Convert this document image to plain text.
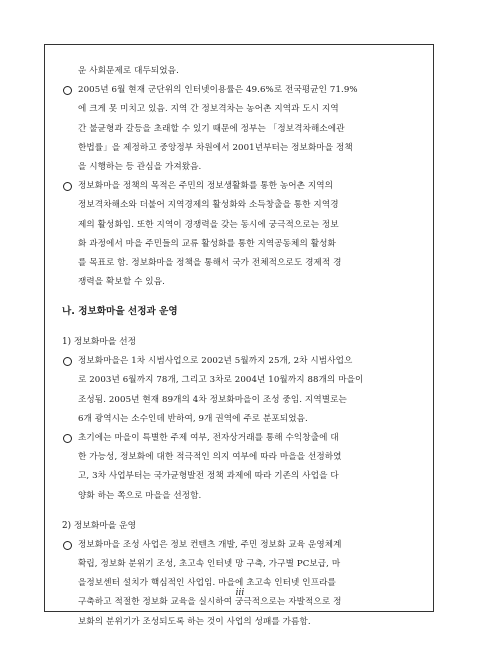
운 사회문제로 대두되었음.
2005년 6월 현재 군단위의 인터넷이용률은 49.6%로 전국평균인 71.9%
에 크게 못 미치고 있음. 지역 간 정보격차는 농어촌 지역과 도시 지역
간 불균형과 갈등을 초래할 수 있기 때문에 정부는 「정보격차해소에관
한법률」을 제정하고 중앙정부 차원에서 2001년부터는 정보화마을 정책
을 시행하는 등 관심을 가져왔음.
정보화마을 정책의 목적은 주민의 정보생활화를 통한 농어촌 지역의
정보격차해소와 더불어 지역경제의 활성화와 소득창출을 통한 지역경
제의 활성화임. 또한 지역이 경쟁력을 갖는 동시에 궁극적으로는 정보
화 과정에서 마을 주민들의 교류 활성화를 통한 지역공동체의 활성화
를 목표로 함. 정보화마을 정책을 통해서 국가 전체적으로도 경제적 경
쟁력을 확보할 수 있음.
나. 정보화마을 선정과 운영
1) 정보화마을 선정
정보화마을은 1차 시범사업으로 2002년 5월까지 25개, 2차 시범사업으
로 2003년 6월까지 78개, 그리고 3차로 2004년 10월까지 88개의 마을이
조성됨. 2005년 현재 89개의 4차 정보화마을이 조성 중임. 지역별로는
6개 광역시는 소수인데 반하여, 9개 권역에 주로 분포되었음.
초기에는 마을이 특별한 주제 여부, 전자상거래를 통해 수익창출에 대
한 가능성, 정보화에 대한 적극적인 의지 여부에 따라 마을을 선정하였
고, 3차 사업부터는 국가균형발전 정책 과제에 따라 기존의 사업을 다
양화 하는 쪽으로 마을을 선정함.
2) 정보화마을 운영
정보화마을 조성 사업은 정보 컨텐츠 개발, 주민 정보화 교육 운영체계
확립, 정보화 분위기 조성, 초고속 인터넷 망 구축, 가구별 PC보급, 마
을정보센터 설치가 핵심적인 사업임. 마을에 초고속 인터넷 인프라를
구축하고 적절한 정보화 교육을 실시하여 궁극적으로는 자발적으로 정
보화의 분위기가 조성되도록 하는 것이 사업의 성패를 가름함.
iii
